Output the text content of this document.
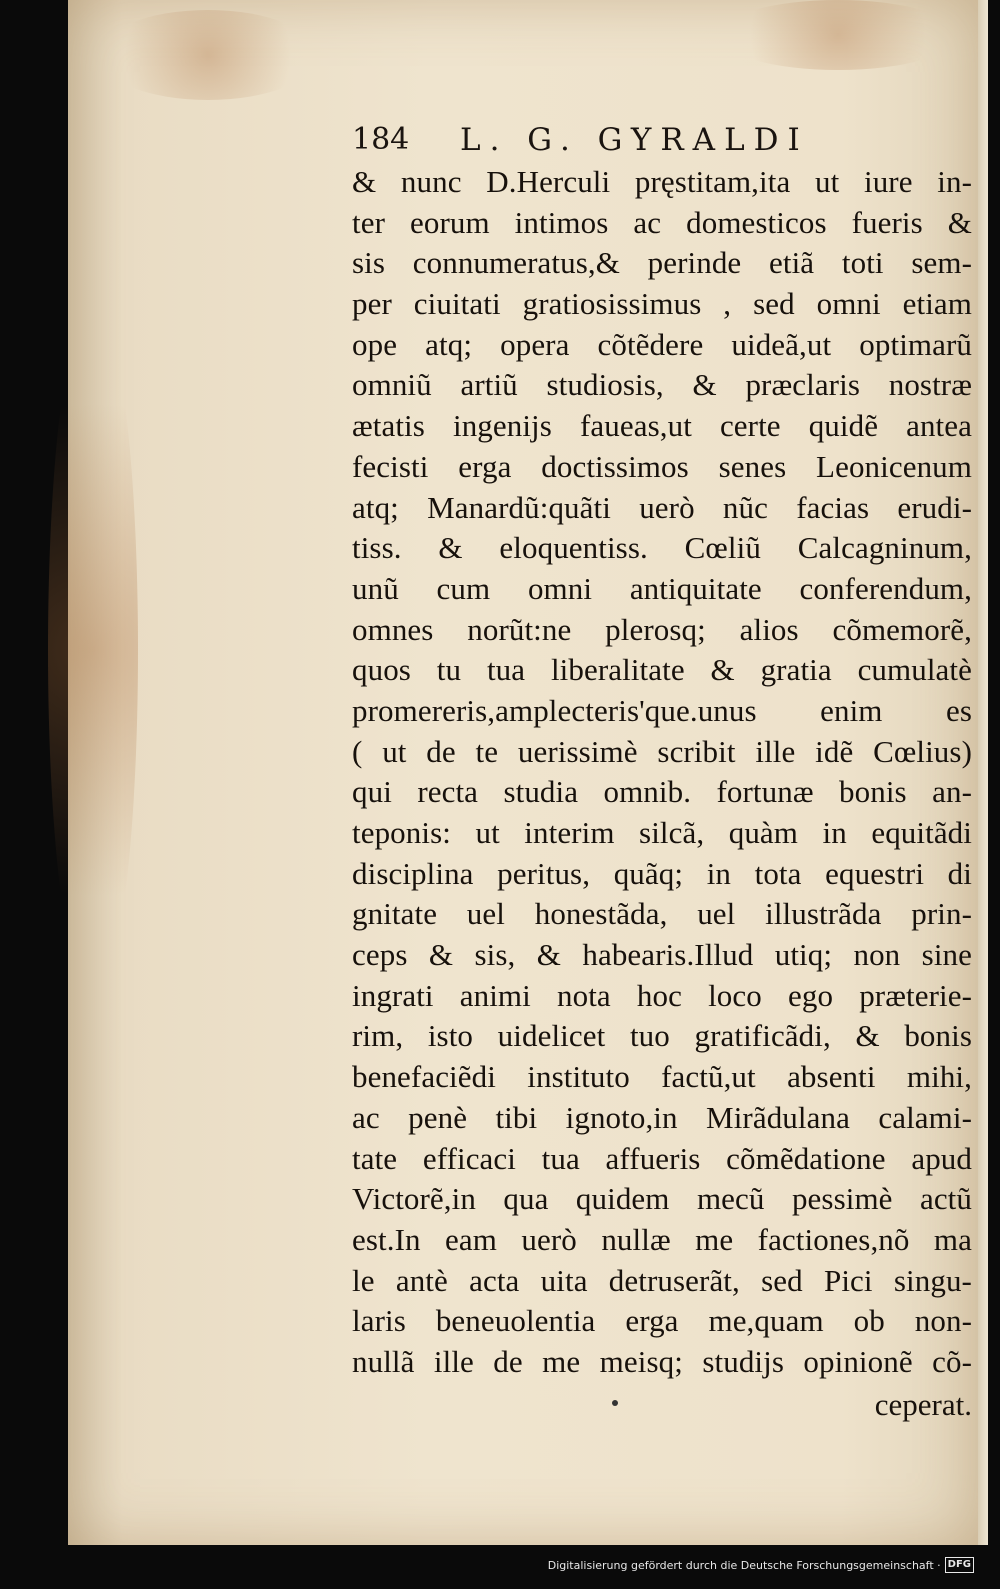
184 L. G. GYRALDI
& nunc D.Herculi pręstitam,ita ut iure in-
ter eorum intimos ac domesticos fueris &
sis connumeratus,& perinde etiã toti sem-
per ciuitati gratiosissimus , sed omni etiam
ope atq; opera cõtẽdere uideã,ut optimarũ
omniũ artiũ studiosis, & præclaris nostræ
ætatis ingenijs faueas,ut certe quidẽ antea
fecisti erga doctissimos senes Leonicenum
atq; Manardũ:quãti uerò nũc facias erudi-
tiss. & eloquentiss. Cœliũ Calcagninum,
unũ cum omni antiquitate conferendum,
omnes norũt:ne plerosq; alios cõmemorẽ,
quos tu tua liberalitate & gratia cumulatè
promereris,amplecteris'que.unus enim es
( ut de te uerissimè scribit ille idẽ Cœlius)
qui recta studia omnib. fortunæ bonis an-
teponis: ut interim silcã, quàm in equitãdi
disciplina peritus, quãq; in tota equestri di
gnitate uel honestãda, uel illustrãda prin-
ceps & sis, & habearis.Illud utiq; non sine
ingrati animi nota hoc loco ego præterie-
rim, isto uidelicet tuo gratificãdi, & bonis
benefaciẽdi instituto factũ,ut absenti mihi,
ac penè tibi ignoto,in Mirãdulana calami-
tate efficaci tua affueris cõmẽdatione apud
Victorẽ,in qua quidem mecũ pessimè actũ
est.In eam uerò nullæ me factiones,nõ ma
le antè acta uita detruserãt, sed Pici singu-
laris beneuolentia erga me,quam ob non-
nullã ille de me meisq; studijs opinionẽ cõ-
ceperat.
Digitalisierung gefördert durch die Deutsche Forschungsgemeinschaft · DFG
